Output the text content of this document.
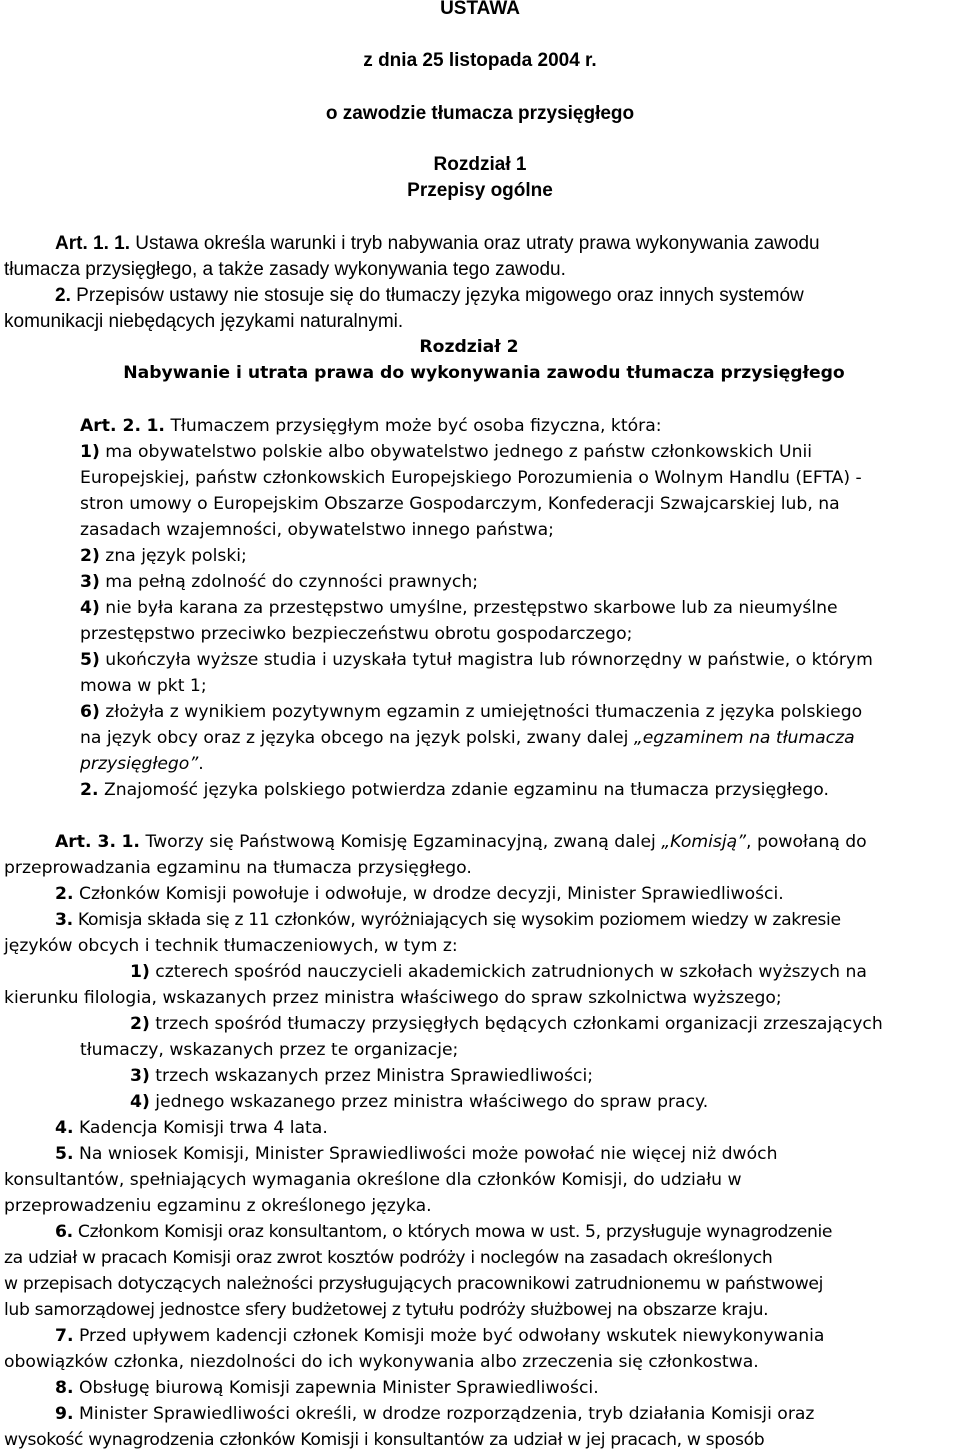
USTAWA
z dnia 25 listopada 2004 r.
o zawodzie tłumacza przysięgłego
Rozdział 1
Przepisy ogólne
Art. 1. 1. Ustawa określa warunki i tryb nabywania oraz utraty prawa wykonywania zawodu
tłumacza przysięgłego, a także zasady wykonywania tego zawodu.
2. Przepisów ustawy nie stosuje się do tłumaczy języka migowego oraz innych systemów
komunikacji niebędących językami naturalnymi.
Rozdział 2
Nabywanie i utrata prawa do wykonywania zawodu tłumacza przysięgłego
Art. 2. 1. Tłumaczem przysięgłym może być osoba fizyczna, która:
1) ma obywatelstwo polskie albo obywatelstwo jednego z państw członkowskich Unii
Europejskiej, państw członkowskich Europejskiego Porozumienia o Wolnym Handlu (EFTA) -
stron umowy o Europejskim Obszarze Gospodarczym, Konfederacji Szwajcarskiej lub, na
zasadach wzajemności, obywatelstwo innego państwa;
2) zna język polski;
3) ma pełną zdolność do czynności prawnych;
4) nie była karana za przestępstwo umyślne, przestępstwo skarbowe lub za nieumyślne
przestępstwo przeciwko bezpieczeństwu obrotu gospodarczego;
5) ukończyła wyższe studia i uzyskała tytuł magistra lub równorzędny w państwie, o którym
mowa w pkt 1;
6) złożyła z wynikiem pozytywnym egzamin z umiejętności tłumaczenia z języka polskiego
na język obcy oraz z języka obcego na język polski, zwany dalej „egzaminem na tłumacza
przysięgłego”.
2. Znajomość języka polskiego potwierdza zdanie egzaminu na tłumacza przysięgłego.
Art. 3. 1. Tworzy się Państwową Komisję Egzaminacyjną, zwaną dalej „Komisją”, powołaną do
przeprowadzania egzaminu na tłumacza przysięgłego.
2. Członków Komisji powołuje i odwołuje, w drodze decyzji, Minister Sprawiedliwości.
3. Komisja składa się z 11 członków, wyróżniających się wysokim poziomem wiedzy w zakresie
języków obcych i technik tłumaczeniowych, w tym z:
1) czterech spośród nauczycieli akademickich zatrudnionych w szkołach wyższych na
kierunku filologia, wskazanych przez ministra właściwego do spraw szkolnictwa wyższego;
2) trzech spośród tłumaczy przysięgłych będących członkami organizacji zrzeszających
tłumaczy, wskazanych przez te organizacje;
3) trzech wskazanych przez Ministra Sprawiedliwości;
4) jednego wskazanego przez ministra właściwego do spraw pracy.
4. Kadencja Komisji trwa 4 lata.
5. Na wniosek Komisji, Minister Sprawiedliwości może powołać nie więcej niż dwóch
konsultantów, spełniających wymagania określone dla członków Komisji, do udziału w
przeprowadzeniu egzaminu z określonego języka.
6. Członkom Komisji oraz konsultantom, o których mowa w ust. 5, przysługuje wynagrodzenie
za udział w pracach Komisji oraz zwrot kosztów podróży i noclegów na zasadach określonych
w przepisach dotyczących należności przysługujących pracownikowi zatrudnionemu w państwowej
lub samorządowej jednostce sfery budżetowej z tytułu podróży służbowej na obszarze kraju.
7. Przed upływem kadencji członek Komisji może być odwołany wskutek niewykonywania
obowiązków członka, niezdolności do ich wykonywania albo zrzeczenia się członkostwa.
8. Obsługę biurową Komisji zapewnia Minister Sprawiedliwości.
9. Minister Sprawiedliwości określi, w drodze rozporządzenia, tryb działania Komisji oraz
wysokość wynagrodzenia członków Komisji i konsultantów za udział w jej pracach, w sposób
